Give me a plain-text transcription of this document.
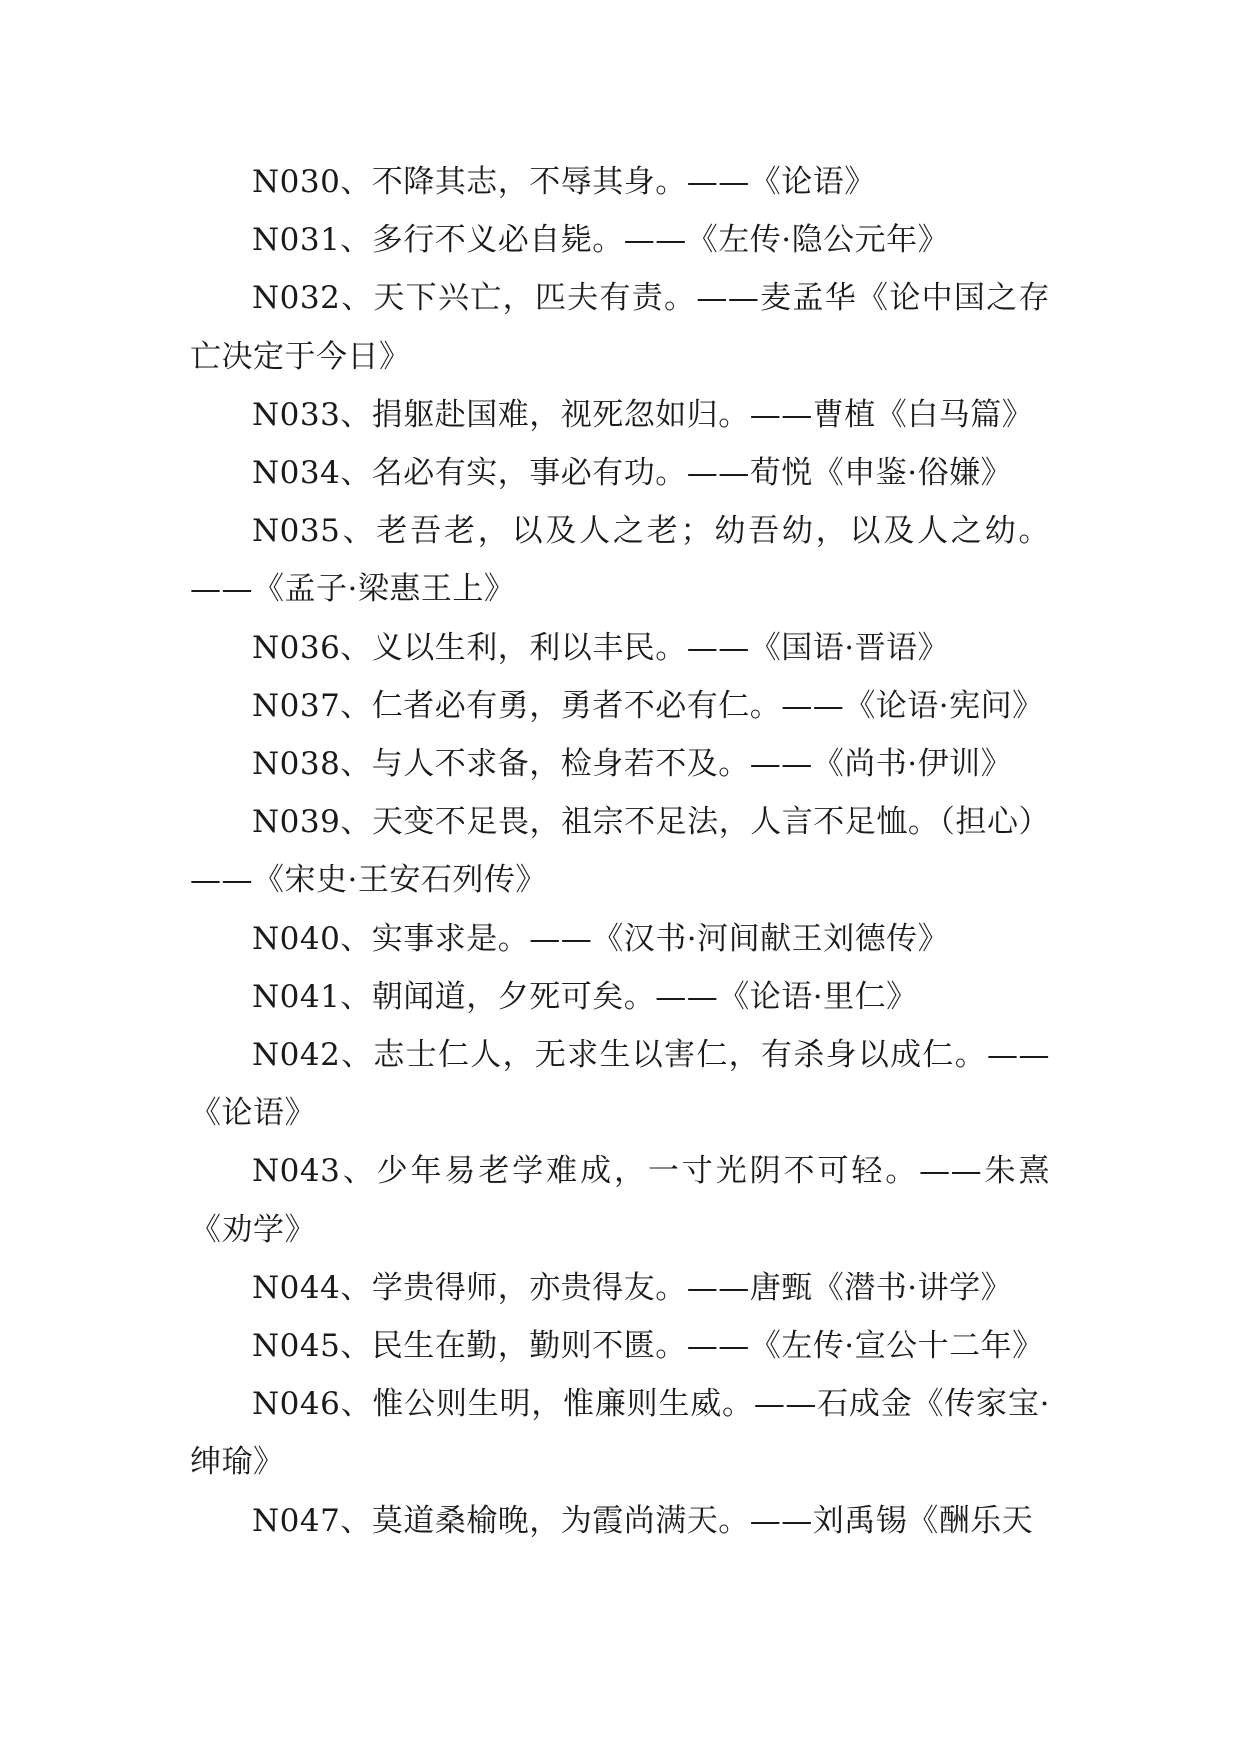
N030、不降其志，不辱其身。——《论语》

N031、多行不义必自毙。——《左传·隐公元年》

N032、天下兴亡，匹夫有责。——麦孟华《论中国之存亡决定于今日》

N033、捐躯赴国难，视死忽如归。——曹植《白马篇》

N034、名必有实，事必有功。——荀悦《申鉴·俗嫌》

N035、老吾老，以及人之老；幼吾幼，以及人之幼。——《孟子·梁惠王上》

N036、义以生利，利以丰民。——《国语·晋语》

N037、仁者必有勇，勇者不必有仁。——《论语·宪问》

N038、与人不求备，检身若不及。——《尚书·伊训》

N039、天变不足畏，祖宗不足法，人言不足恤。（担心）——《宋史·王安石列传》

N040、实事求是。——《汉书·河间献王刘德传》

N041、朝闻道，夕死可矣。——《论语·里仁》

N042、志士仁人，无求生以害仁，有杀身以成仁。——《论语》

N043、少年易老学难成，一寸光阴不可轻。——朱熹《劝学》

N044、学贵得师，亦贵得友。——唐甄《潜书·讲学》

N045、民生在勤，勤则不匮。——《左传·宣公十二年》

N046、惟公则生明，惟廉则生威。——石成金《传家宝·绅瑜》

N047、莫道桑榆晚，为霞尚满天。——刘禹锡《酬乐天
